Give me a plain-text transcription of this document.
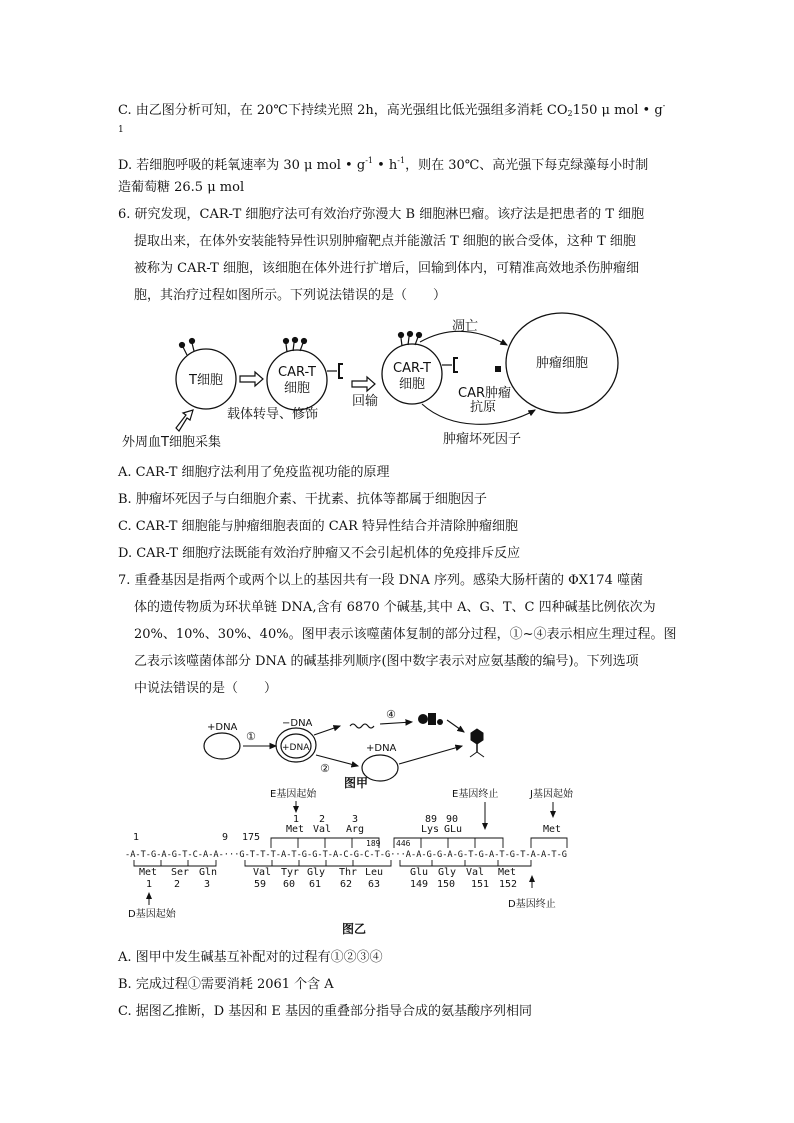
C. 由乙图分析可知，在 20℃下持续光照 2h，高光强组比低光强组多消耗 $CO_2150$ μ mol • g-
1
D. 若细胞呼吸的耗氧速率为 30 μ mol • $g^{-1}$ • $h^{-1}$，则在 30℃、高光强下每克绿藻每小时制
造葡萄糖 26.5 μ mol
6. 研究发现，CAR-T 细胞疗法可有效治疗弥漫大 B 细胞淋巴瘤。该疗法是把患者的 T 细胞
提取出来，在体外安装能特异性识别肿瘤靶点并能激活 T 细胞的嵌合受体，这种 T 细胞
被称为 CAR-T 细胞，该细胞在体外进行扩增后，回输到体内，可精准高效地杀伤肿瘤细
胞，其治疗过程如图所示。下列说法错误的是（　　）
T细胞
CAR-T
细胞
CAR-T
细胞
肿瘤细胞
凋亡
CAR肿瘤
抗原
载体转导、修饰
回输
肿瘤坏死因子
外周血T细胞采集
A. CAR-T 细胞疗法利用了免疫监视功能的原理
B. 肿瘤坏死因子与白细胞介素、干扰素、抗体等都属于细胞因子
C. CAR-T 细胞能与肿瘤细胞表面的 CAR 特异性结合并清除肿瘤细胞
D. CAR-T 细胞疗法既能有效治疗肿瘤又不会引起机体的免疫排斥反应
7. 重叠基因是指两个或两个以上的基因共有一段 DNA 序列。感染大肠杆菌的 ΦX174 噬菌
体的遗传物质为环状单链 DNA,含有 6870 个碱基,其中 A、G、T、C 四种碱基比例依次为
20%、10%、30%、40%。图甲表示该噬菌体复制的部分过程，①~④表示相应生理过程。图
乙表示该噬菌体部分 DNA 的碱基排列顺序(图中数字表示对应氨基酸的编号)。下列选项
中说法错误的是（　　）
+DNA
①
−DNA
+DNA
④
②
+DNA
图甲
E基因起始	E基因终止	J基因起始
1	9 175
1 2	3	89 90
189 446
Met Val Arg	Lys GLu	Met
-A-T-G-A-G-T-C-A-A-···G-T-T-T-A-T-G-G-T-A-C-G-C-T-G···A-A-G-G-A-G-T-G-A-T-G-T-A-A-T-G
Met Ser Gln	Val Tyr Gly Thr Leu	Glu Gly Val Met
1 2 3	59 60 61 62 63	149 150 151 152
D基因起始
D基因终止
图乙
A. 图甲中发生碱基互补配对的过程有①②③④
B. 完成过程①需要消耗 2061 个含 A
C. 据图乙推断，D 基因和 E 基因的重叠部分指导合成的氨基酸序列相同
